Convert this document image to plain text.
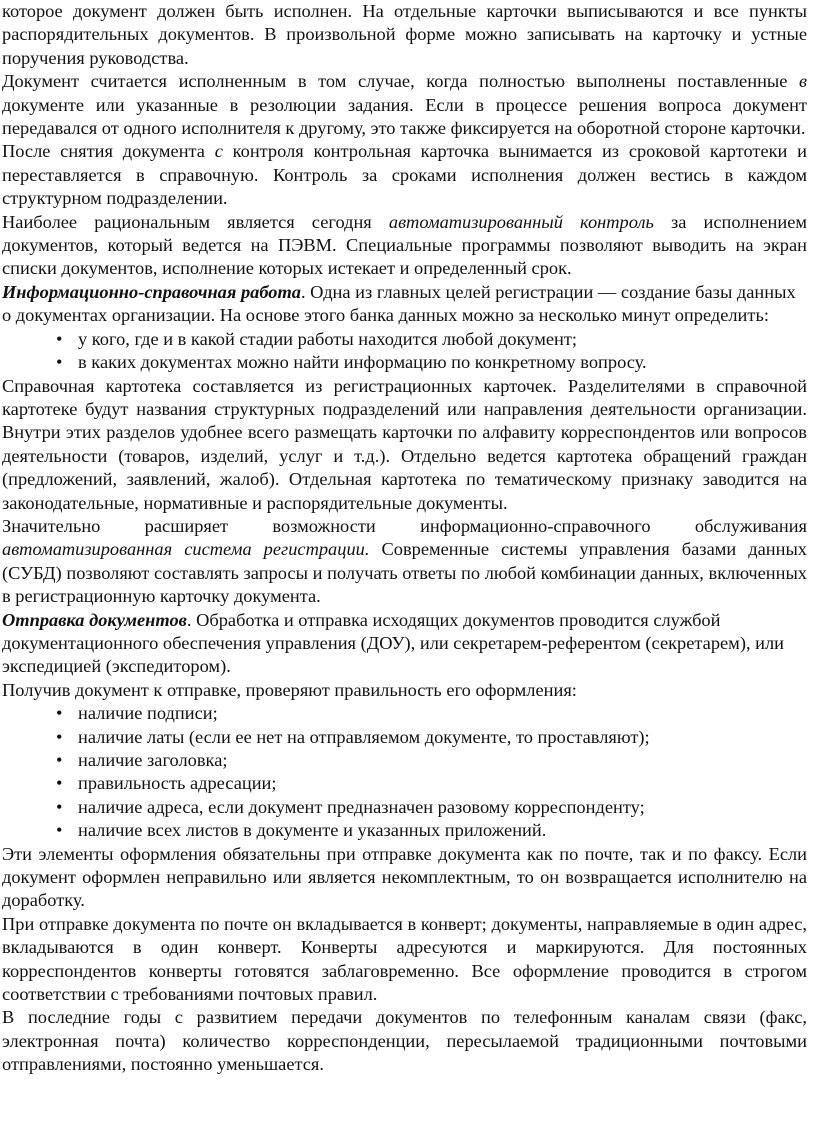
которое документ должен быть исполнен. На отдельные карточки выписываются и все пункты распорядительных документов. В произвольной форме можно записывать на карточку и устные поручения руководства.

Документ считается исполненным в том случае, когда полностью выполнены поставленные в документе или указанные в резолюции задания. Если в процессе решения вопроса документ передавался от одного исполнителя к другому, это также фиксируется на оборотной стороне карточки.

После снятия документа с контроля контрольная карточка вынимается из сроковой картотеки и переставляется в справочную. Контроль за сроками исполнения должен вестись в каждом структурном подразделении.

Наиболее рациональным является сегодня автоматизированный контроль за исполнением документов, который ведется на ПЭВМ. Специальные программы позволяют выводить на экран списки документов, исполнение которых истекает и определенный срок.

Информационно-справочная работа. Одна из главных целей регистрации — создание базы данных о документах организации. На основе этого банка данных можно за несколько минут определить:

• у кого, где и в какой стадии работы находится любой документ;
• в каких документах можно найти информацию по конкретному вопросу.

Справочная картотека составляется из регистрационных карточек. Разделителями в справочной картотеке будут названия структурных подразделений или направления деятельности организации. Внутри этих разделов удобнее всего размещать карточки по алфавиту корреспондентов или вопросов деятельности (товаров, изделий, услуг и т.д.). Отдельно ведется картотека обращений граждан (предложений, заявлений, жалоб). Отдельная картотека по тематическому признаку заводится на законодательные, нормативные и распорядительные документы.

Значительно расширяет возможности информационно-справочного обслуживания автоматизированная система регистрации. Современные системы управления базами данных (СУБД) позволяют составлять запросы и получать ответы по любой комбинации данных, включенных в регистрационную карточку документа.

Отправка документов. Обработка и отправка исходящих документов проводится службой документационного обеспечения управления (ДОУ), или секретарем-референтом (секретарем), или экспедицией (экспедитором).

Получив документ к отправке, проверяют правильность его оформления:

• наличие подписи;
• наличие латы (если ее нет на отправляемом документе, то проставляют);
• наличие заголовка;
• правильность адресации;
• наличие адреса, если документ предназначен разовому корреспонденту;
• наличие всех листов в документе и указанных приложений.

Эти элементы оформления обязательны при отправке документа как по почте, так и по факсу. Если документ оформлен неправильно или является некомплектным, то он возвращается исполнителю на доработку.

При отправке документа по почте он вкладывается в конверт; документы, направляемые в один адрес, вкладываются в один конверт. Конверты адресуются и маркируются. Для постоянных корреспондентов конверты готовятся заблаговременно. Все оформление проводится в строгом соответствии с требованиями почтовых правил.

В последние годы с развитием передачи документов по телефонным каналам связи (факс, электронная почта) количество корреспонденции, пересылаемой традиционными почтовыми отправлениями, постоянно уменьшается.
